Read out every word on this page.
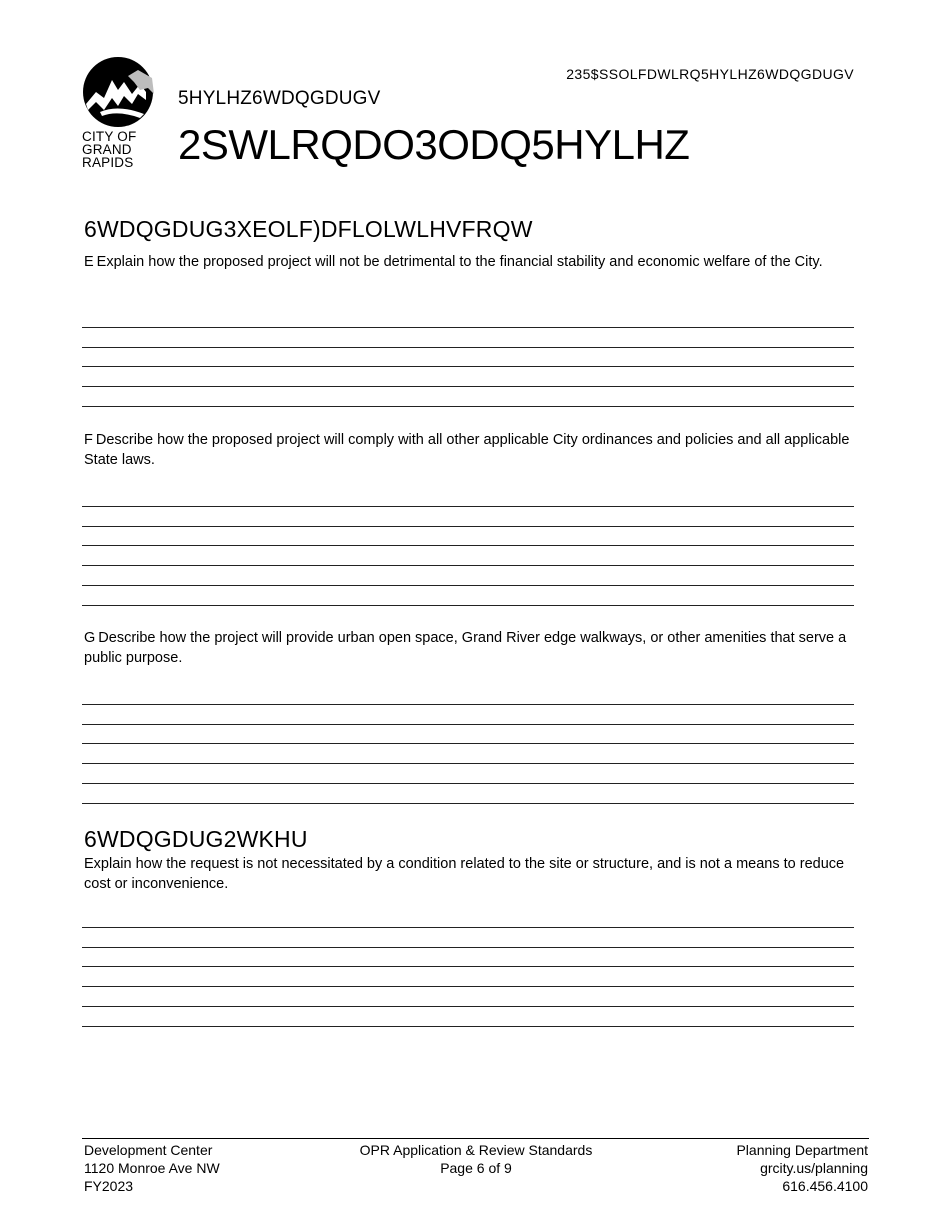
CITY OF
GRAND
RAPIDS
235$SSOLFDWLRQ5HYLHZ6WDQGDUGV
5HYLHZ6WDQGDUGV
2SWLRQDO3ODQ5HYLHZ
6WDQGDUG3XEOLF)DFLOLWLHVFRQW
E Explain how the proposed project will not be detrimental to the financial stability and economic welfare of the City.
F Describe how the proposed project will comply with all other applicable City ordinances and policies and all applicable State laws.
G Describe how the project will provide urban open space, Grand River edge walkways, or other amenities that serve a public purpose.
6WDQGDUG2WKHU
Explain how the request is not necessitated by a condition related to the site or structure, and is not a means to reduce cost or inconvenience.
Development Center
1120 Monroe Ave NW
FY2023
OPR Application & Review Standards
Page 6 of 9
Planning Department
grcity.us/planning
616.456.4100
